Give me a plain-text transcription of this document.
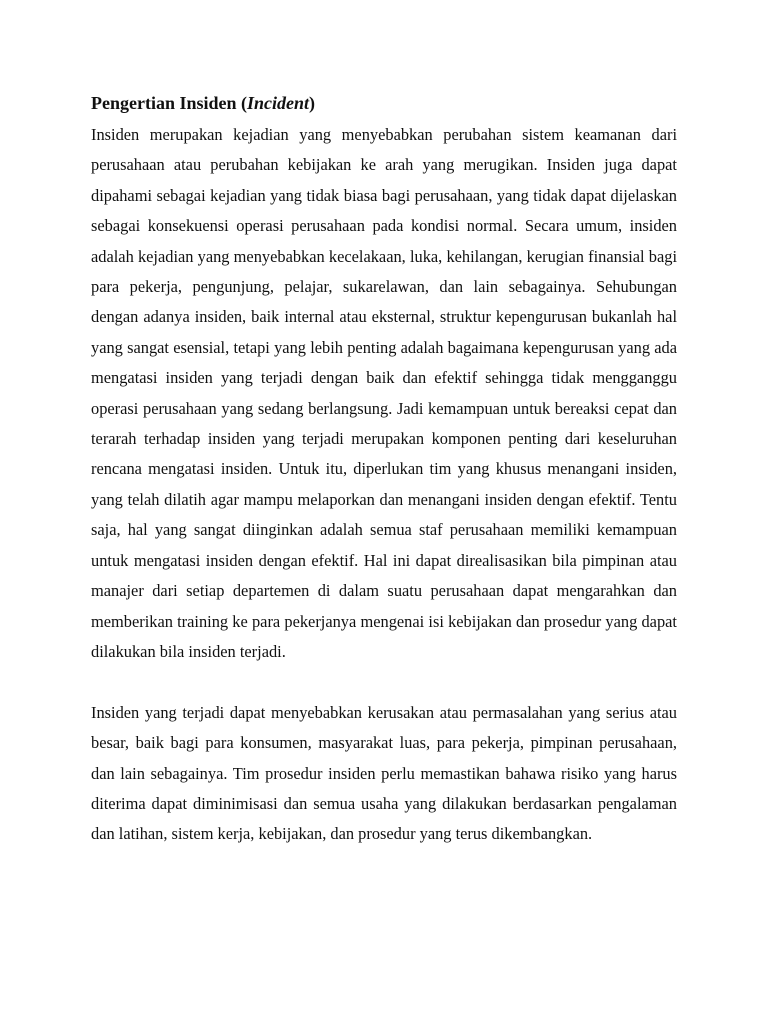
Pengertian Insiden (Incident)

Insiden merupakan kejadian yang menyebabkan perubahan sistem keamanan dari perusahaan atau perubahan kebijakan ke arah yang merugikan. Insiden juga dapat dipahami sebagai kejadian yang tidak biasa bagi perusahaan, yang tidak dapat dijelaskan sebagai konsekuensi operasi perusahaan pada kondisi normal. Secara umum, insiden adalah kejadian yang menyebabkan kecelakaan, luka, kehilangan, kerugian finansial bagi para pekerja, pengunjung, pelajar, sukarelawan, dan lain sebagainya. Sehubungan dengan adanya insiden, baik internal atau eksternal, struktur kepengurusan bukanlah hal yang sangat esensial, tetapi yang lebih penting adalah bagaimana kepengurusan yang ada mengatasi insiden yang terjadi dengan baik dan efektif sehingga tidak mengganggu operasi perusahaan yang sedang berlangsung. Jadi kemampuan untuk bereaksi cepat dan terarah terhadap insiden yang terjadi merupakan komponen penting dari keseluruhan rencana mengatasi insiden. Untuk itu, diperlukan tim yang khusus menangani insiden, yang telah dilatih agar mampu melaporkan dan menangani insiden dengan efektif. Tentu saja, hal yang sangat diinginkan adalah semua staf perusahaan memiliki kemampuan untuk mengatasi insiden dengan efektif. Hal ini dapat direalisasikan bila pimpinan atau manajer dari setiap departemen di dalam suatu perusahaan dapat mengarahkan dan memberikan training ke para pekerjanya mengenai isi kebijakan dan prosedur yang dapat dilakukan bila insiden terjadi.

Insiden yang terjadi dapat menyebabkan kerusakan atau permasalahan yang serius atau besar, baik bagi para konsumen, masyarakat luas, para pekerja, pimpinan perusahaan, dan lain sebagainya. Tim prosedur insiden perlu memastikan bahawa risiko yang harus diterima dapat diminimisasi dan semua usaha yang dilakukan berdasarkan pengalaman dan latihan, sistem kerja, kebijakan, dan prosedur yang terus dikembangkan.
